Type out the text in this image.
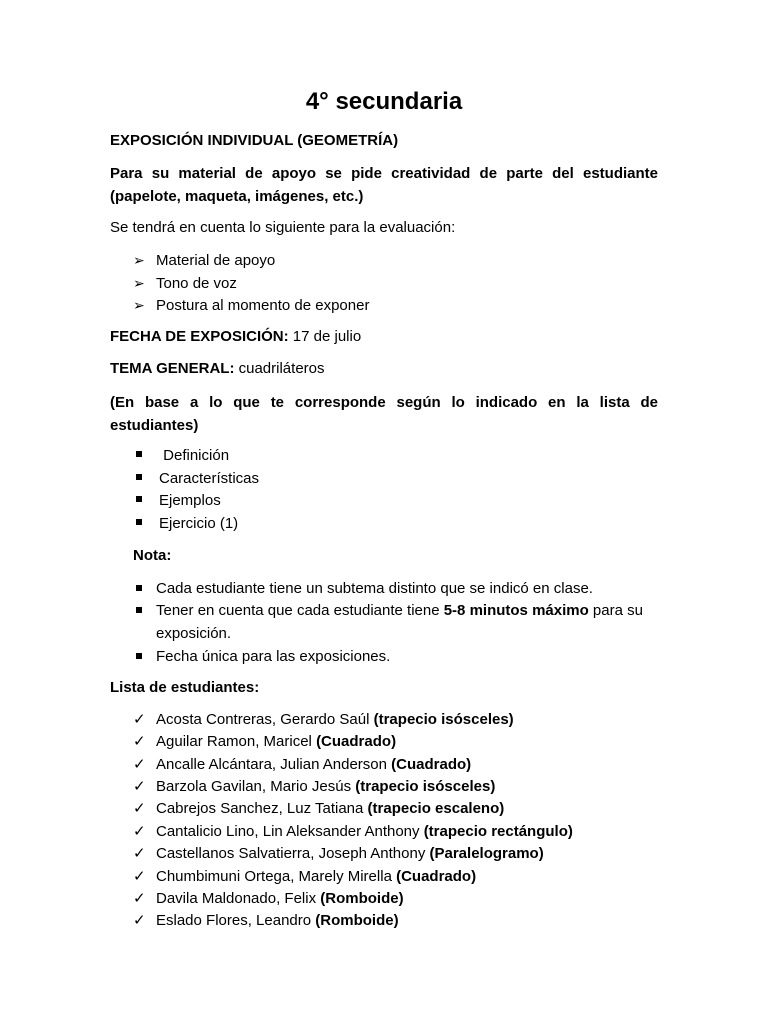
4° secundaria
EXPOSICIÓN INDIVIDUAL (GEOMETRÍA)
Para su material de apoyo se pide creatividad de parte del estudiante (papelote, maqueta, imágenes, etc.)
Se tendrá en cuenta lo siguiente para la evaluación:
➢ Material de apoyo
➢ Tono de voz
➢ Postura al momento de exponer
FECHA DE EXPOSICIÓN: 17 de julio
TEMA GENERAL: cuadriláteros
(En base a lo que te corresponde según lo indicado en la lista de estudiantes)
Definición
Características
Ejemplos
Ejercicio (1)
Nota:
Cada estudiante tiene un subtema distinto que se indicó en clase.
Tener en cuenta que cada estudiante tiene 5-8 minutos máximo para su exposición.
Fecha única para las exposiciones.
Lista de estudiantes:
✓ Acosta Contreras, Gerardo Saúl (trapecio isósceles)
✓ Aguilar Ramon, Maricel (Cuadrado)
✓ Ancalle Alcántara, Julian Anderson (Cuadrado)
✓ Barzola Gavilan, Mario Jesús (trapecio isósceles)
✓ Cabrejos Sanchez, Luz Tatiana (trapecio escaleno)
✓ Cantalicio Lino, Lin Aleksander Anthony (trapecio rectángulo)
✓ Castellanos Salvatierra, Joseph Anthony (Paralelogramo)
✓ Chumbimuni Ortega, Marely Mirella (Cuadrado)
✓ Davila Maldonado, Felix (Romboide)
✓ Eslado Flores, Leandro (Romboide)
